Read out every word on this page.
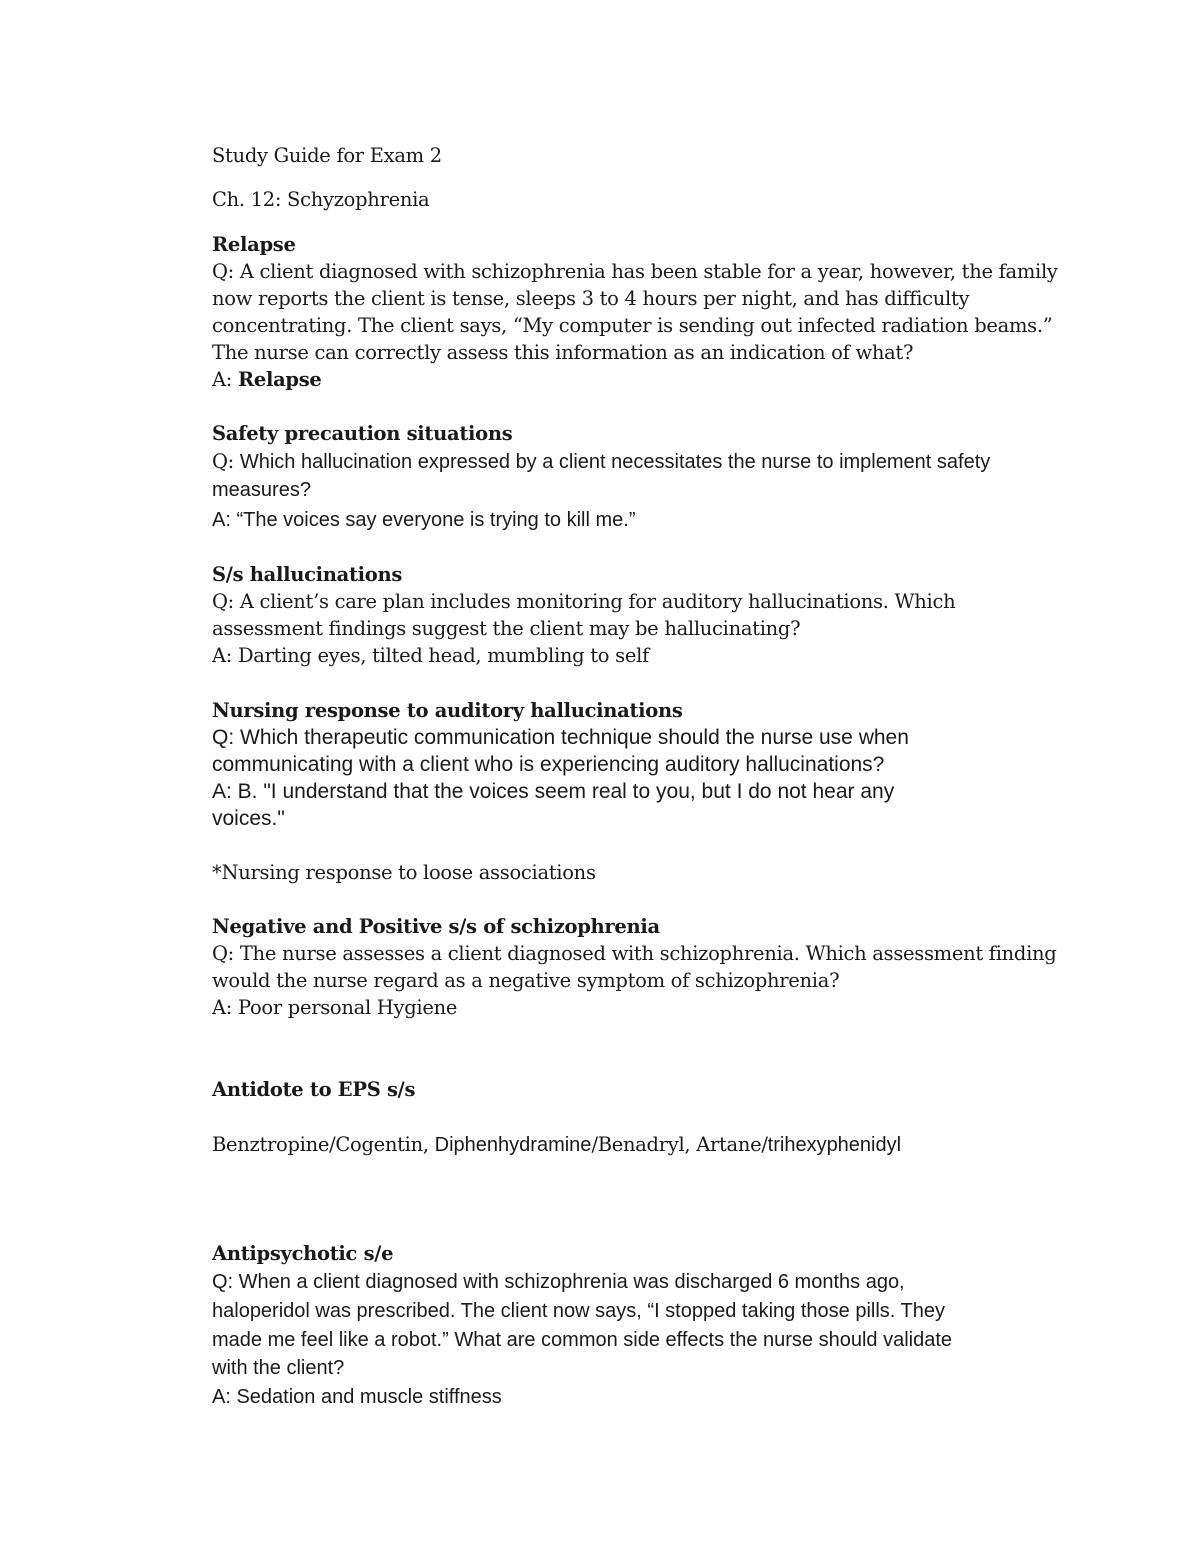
Study Guide for Exam 2
Ch. 12: Schyzophrenia
Relapse
Q: A client diagnosed with schizophrenia has been stable for a year, however, the family
now reports the client is tense, sleeps 3 to 4 hours per night, and has difficulty
concentrating. The client says, “My computer is sending out infected radiation beams.”
The nurse can correctly assess this information as an indication of what?
A: Relapse
Safety precaution situations
Q: Which hallucination expressed by a client necessitates the nurse to implement safety
measures?
A: “The voices say everyone is trying to kill me.”
S/s hallucinations
Q: A client’s care plan includes monitoring for auditory hallucinations. Which
assessment findings suggest the client may be hallucinating?
A: Darting eyes, tilted head, mumbling to self
Nursing response to auditory hallucinations
Q: Which therapeutic communication technique should the nurse use when
communicating with a client who is experiencing auditory hallucinations?
A: B. "I understand that the voices seem real to you, but I do not hear any
voices."
*Nursing response to loose associations
Negative and Positive s/s of schizophrenia
Q: The nurse assesses a client diagnosed with schizophrenia. Which assessment finding
would the nurse regard as a negative symptom of schizophrenia?
A: Poor personal Hygiene
Antidote to EPS s/s
Benztropine/Cogentin, Diphenhydramine/Benadryl, Artane/trihexyphenidyl
Antipsychotic s/e
Q: When a client diagnosed with schizophrenia was discharged 6 months ago,
haloperidol was prescribed. The client now says, “I stopped taking those pills. They
made me feel like a robot.” What are common side effects the nurse should validate
with the client?
A: Sedation and muscle stiffness
